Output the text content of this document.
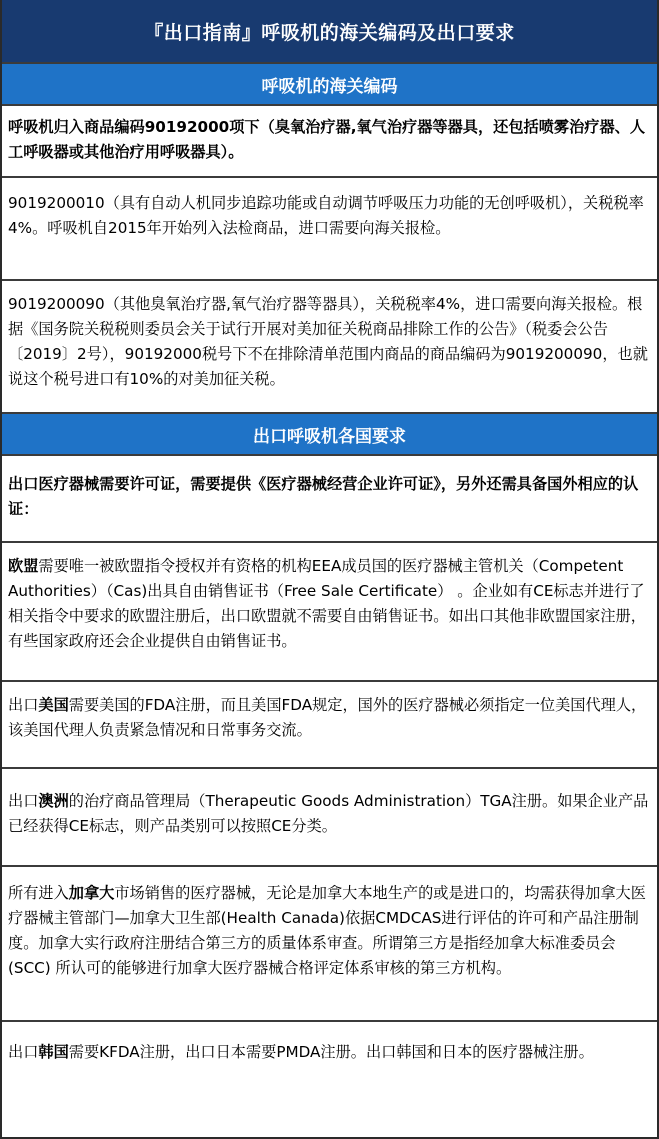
『出口指南』呼吸机的海关编码及出口要求
呼吸机的海关编码

呼吸机归入商品编码90192000项下（臭氧治疗器,氧气治疗器等器具，还包括喷雾治疗器、人工呼吸器或其他治疗用呼吸器具）。

9019200010（具有自动人机同步追踪功能或自动调节呼吸压力功能的无创呼吸机），关税税率4%。呼吸机自2015年开始列入法检商品，进口需要向海关报检。

9019200090（其他臭氧治疗器,氧气治疗器等器具），关税税率4%，进口需要向海关报检。根据《国务院关税税则委员会关于试行开展对美加征关税商品排除工作的公告》（税委会公告〔2019〕2号），90192000税号下不在排除清单范围内商品的商品编码为9019200090，也就说这个税号进口有10%的对美加征关税。

出口呼吸机各国要求

出口医疗器械需要许可证，需要提供《医疗器械经营企业许可证》，另外还需具备国外相应的认证：

欧盟需要唯一被欧盟指令授权并有资格的机构EEA成员国的医疗器械主管机关（Competent Authorities）（Cas)出具自由销售证书（Free Sale Certificate） 。企业如有CE标志并进行了相关指令中要求的欧盟注册后，出口欧盟就不需要自由销售证书。如出口其他非欧盟国家注册，有些国家政府还会企业提供自由销售证书。

出口美国需要美国的FDA注册，而且美国FDA规定，国外的医疗器械必须指定一位美国代理人，该美国代理人负责紧急情况和日常事务交流。

出口澳洲的治疗商品管理局（Therapeutic Goods Administration）TGA注册。如果企业产品已经获得CE标志，则产品类别可以按照CE分类。

所有进入加拿大市场销售的医疗器械，无论是加拿大本地生产的或是进口的，均需获得加拿大医疗器械主管部门—加拿大卫生部(Health Canada)依据CMDCAS进行评估的许可和产品注册制度。加拿大实行政府注册结合第三方的质量体系审查。所谓第三方是指经加拿大标准委员会(SCC) 所认可的能够进行加拿大医疗器械合格评定体系审核的第三方机构。

出口韩国需要KFDA注册，出口日本需要PMDA注册。出口韩国和日本的医疗器械注册。
